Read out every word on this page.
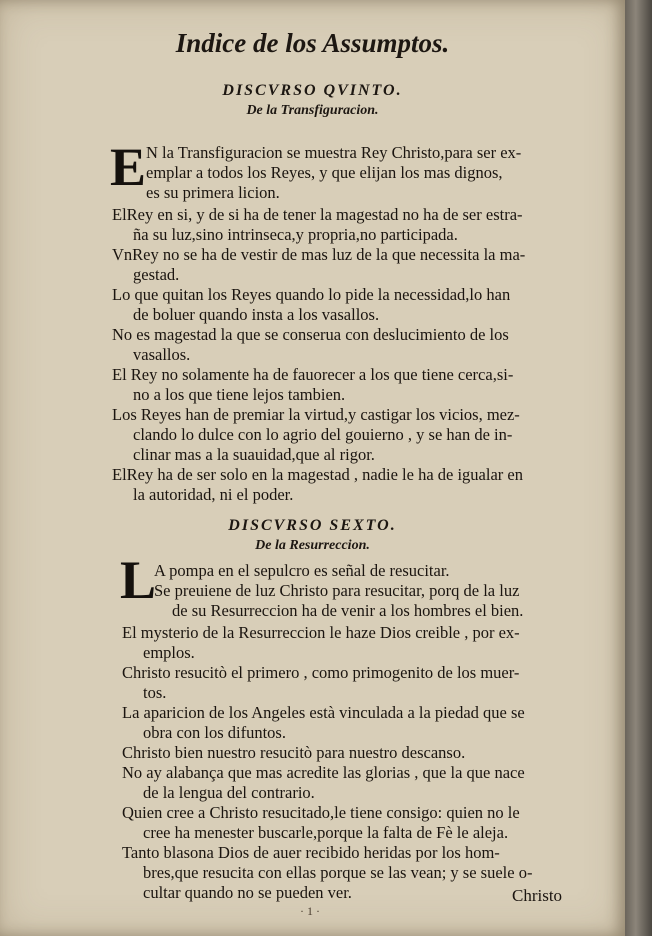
Indice de los Assumptos.
DISCVRSO QVINTO.
De la Transfiguracion.
E N la Transfiguracion se muestra Rey Christo,para ser ex-
emplar a todos los Reyes, y que elijan los mas dignos,
es su primera licion.
ElRey en si, y de si ha de tener la magestad no ha de ser estra-
ña su luz,sino intrinseca,y propria,no participada.
VnRey no se ha de vestir de mas luz de la que necessita la ma-
gestad.
Lo que quitan los Reyes quando lo pide la necessidad,lo han
de boluer quando insta a los vasallos.
No es magestad la que se conserua con deslucimiento de los
vasallos.
El Rey no solamente ha de fauorecer a los que tiene cerca,si-
no a los que tiene lejos tambien.
Los Reyes han de premiar la virtud,y castigar los vicios, mez-
clando lo dulce con lo agrio del gouierno , y se han de in-
clinar mas a la suauidad,que al rigor.
ElRey ha de ser solo en la magestad , nadie le ha de igualar en
la autoridad, ni el poder.
DISCVRSO SEXTO.
De la Resurreccion.
L
A pompa en el sepulcro es señal de resucitar.
Se preuiene de luz Christo para resucitar, porq de la luz
de su Resurreccion ha de venir a los hombres el bien.
El mysterio de la Resurreccion le haze Dios creible , por ex-
emplos.
Christo resucitò el primero , como primogenito de los muer-
tos.
La aparicion de los Angeles està vinculada a la piedad que se
obra con los difuntos.
Christo bien nuestro resucitò para nuestro descanso.
No ay alabança que mas acredite las glorias , que la que nace
de la lengua del contrario.
Quien cree a Christo resucitado,le tiene consigo: quien no le
cree ha menester buscarle,porque la falta de Fè le aleja.
Tanto blasona Dios de auer recibido heridas por los hom-
bres,que resucita con ellas porque se las vean; y se suele o-
cultar quando no se pueden ver.	Christo
· 1 ·
